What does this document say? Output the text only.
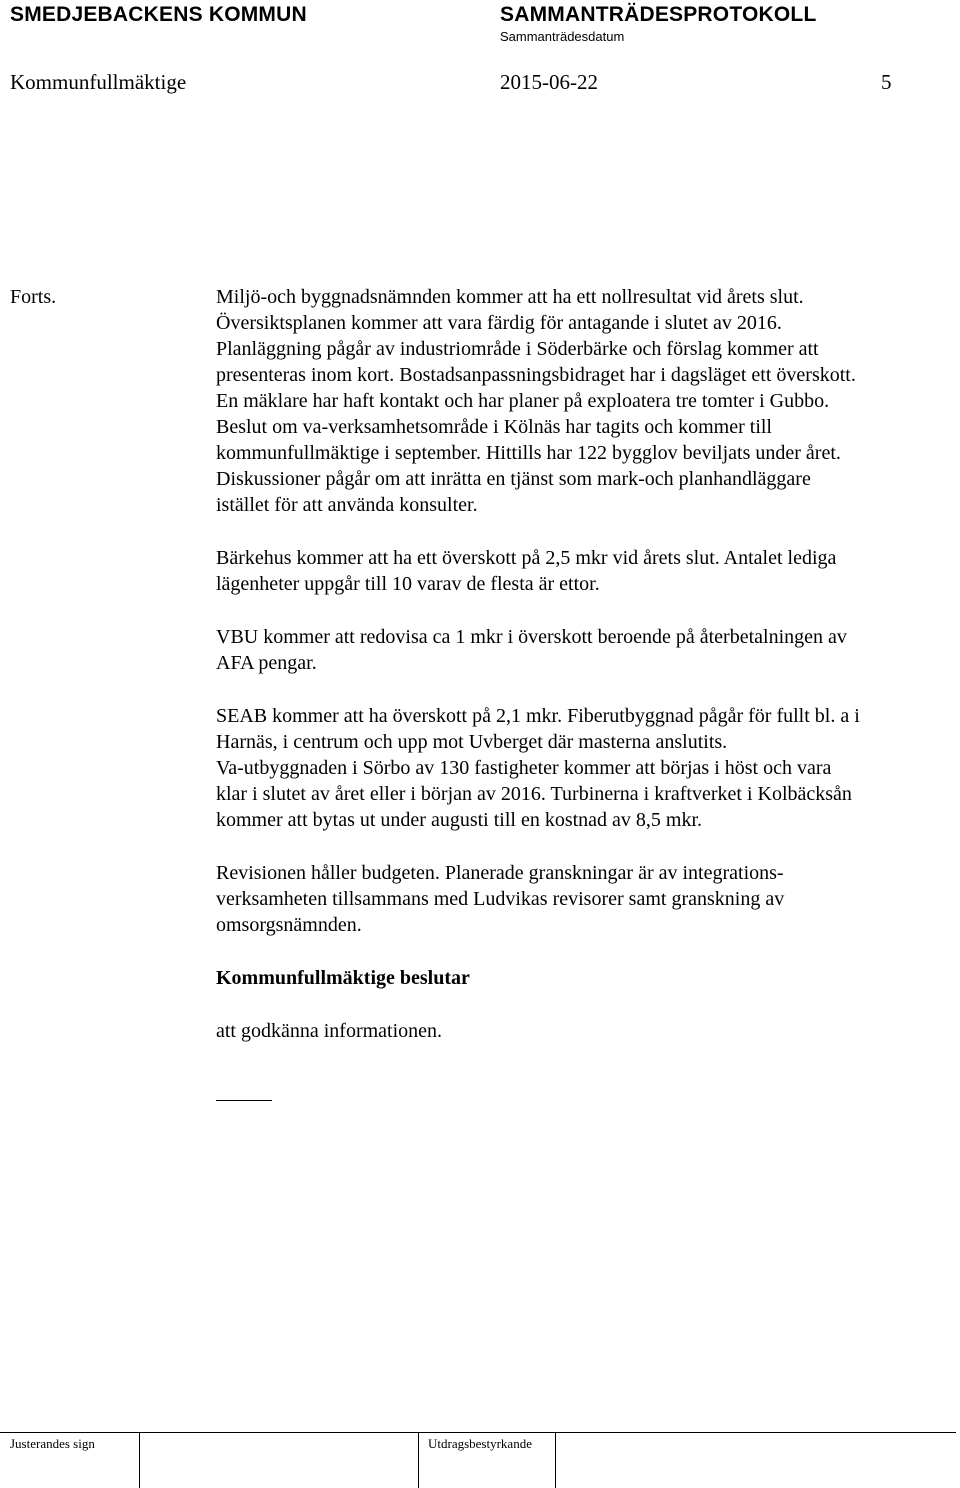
SMEDJEBACKENS KOMMUN	SAMMANTRÄDESPROTOKOLL
Sammanträdesdatum
Kommunfullmäktige	2015-06-22	5
Forts.	Miljö-och byggnadsnämnden kommer att ha ett nollresultat vid årets slut.
Översiktsplanen kommer att vara färdig för antagande i slutet av 2016.
Planläggning pågår av industriområde i Söderbärke och förslag kommer att
presenteras inom kort. Bostadsanpassningsbidraget har i dagsläget ett överskott.
En mäklare har haft kontakt och har planer på exploatera tre tomter i Gubbo.
Beslut om va-verksamhetsområde i Kölnäs har tagits och kommer till
kommunfullmäktige i september. Hittills har 122 bygglov beviljats under året.
Diskussioner pågår om att inrätta en tjänst som mark-och planhandläggare
istället för att använda konsulter.

Bärkehus kommer att ha ett överskott på 2,5 mkr vid årets slut. Antalet lediga
lägenheter uppgår till 10 varav de flesta är ettor.

VBU kommer att redovisa ca 1 mkr i överskott beroende på återbetalningen av
AFA pengar.

SEAB kommer att ha överskott på 2,1 mkr. Fiberutbyggnad pågår för fullt bl. a i
Harnäs, i centrum och upp mot Uvberget där masterna anslutits.
Va-utbyggnaden i Sörbo av 130 fastigheter kommer att börjas i höst och vara
klar i slutet av året eller i början av 2016. Turbinerna i kraftverket i Kolbäcksån
kommer att bytas ut under augusti till en kostnad av 8,5 mkr.

Revisionen håller budgeten. Planerade granskningar är av integrations-
verksamheten tillsammans med Ludvikas revisorer samt granskning av
omsorgsnämnden.

Kommunfullmäktige beslutar
att godkänna informationen.
Justerandes sign	Utdragsbestyrkande
